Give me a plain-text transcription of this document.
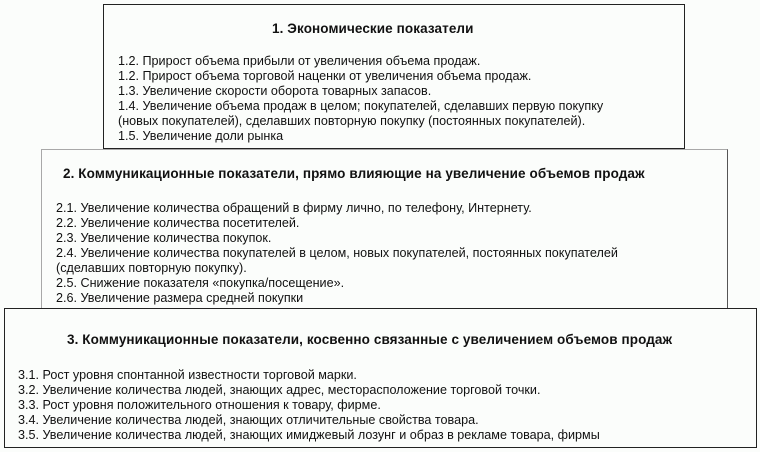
1. Экономические показатели
1.2. Прирост объема прибыли от увеличения объема продаж.
1.2. Прирост объема торговой наценки от увеличения объема продаж.
1.3. Увеличение скорости оборота товарных запасов.
1.4. Увеличение объема продаж в целом; покупателей, сделавших первую покупку
(новых покупателей), сделавших повторную покупку (постоянных покупателей).
1.5. Увеличение доли рынка
2. Коммуникационные показатели, прямо влияющие на увеличение объемов продаж
2.1. Увеличение количества обращений в фирму лично, по телефону, Интернету.
2.2. Увеличение количества посетителей.
2.3. Увеличение количества покупок.
2.4. Увеличение количества покупателей в целом, новых покупателей, постоянных покупателей
(сделавших повторную покупку).
2.5. Снижение показателя «покупка/посещение».
2.6. Увеличение размера средней покупки
3. Коммуникационные показатели, косвенно связанные с увеличением объемов продаж
3.1. Рост уровня спонтанной известности торговой марки.
3.2. Увеличение количества людей, знающих адрес, месторасположение торговой точки.
3.3. Рост уровня положительного отношения к товару, фирме.
3.4. Увеличение количества людей, знающих отличительные свойства товара.
3.5. Увеличение количества людей, знающих имиджевый лозунг и образ в рекламе товара, фирмы
